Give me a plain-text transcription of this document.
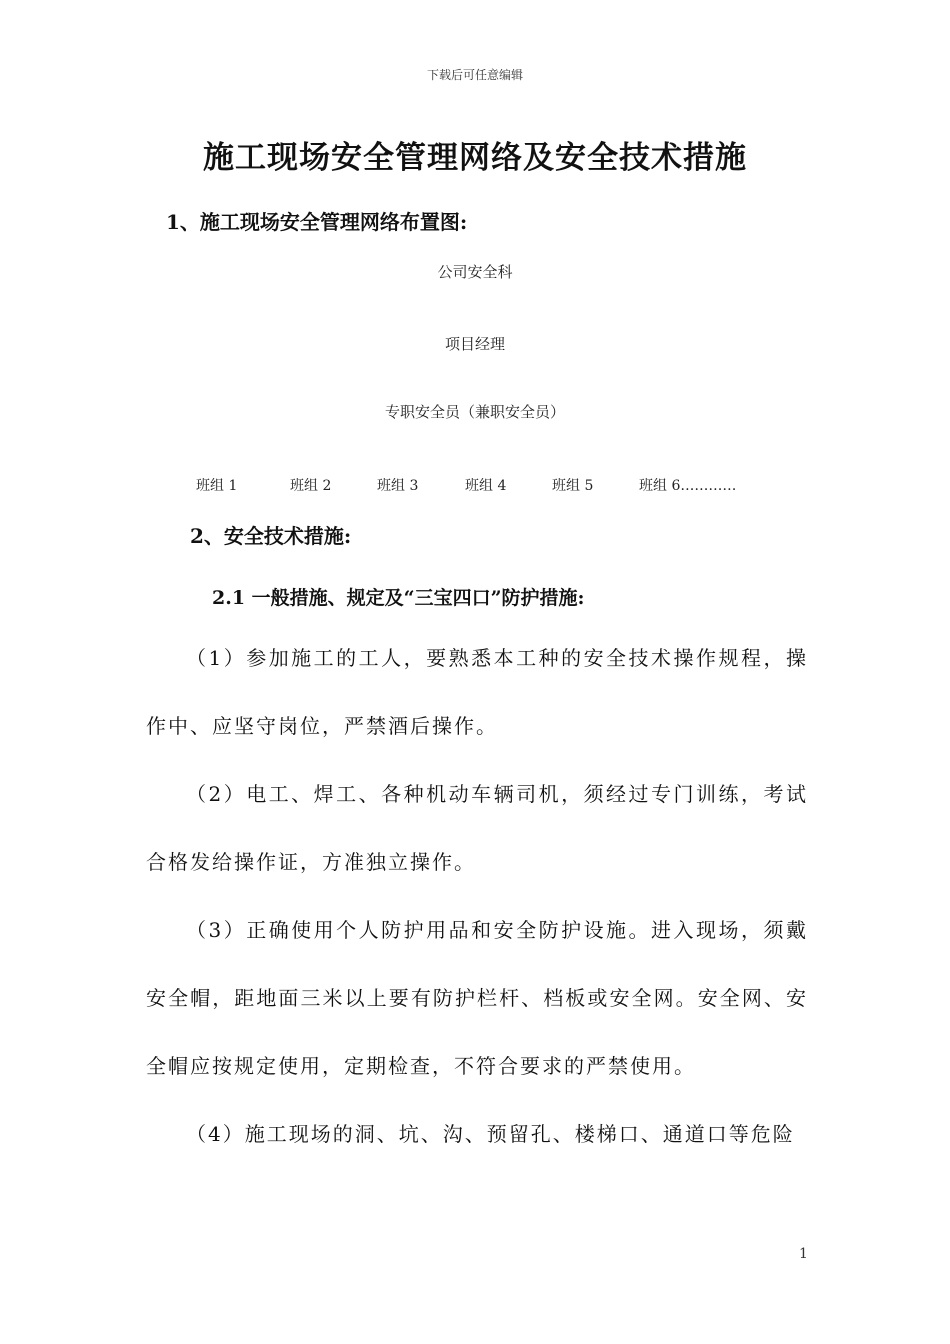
下载后可任意编辑
施工现场安全管理网络及安全技术措施
1、施工现场安全管理网络布置图:
公司安全科
项目经理
专职安全员（兼职安全员）
班组 1	班组 2	班组 3	班组 4	班组 5	班组 6…………
2、安全技术措施:
2.1 一般措施、规定及“三宝四口”防护措施:
（1）参加施工的工人，要熟悉本工种的安全技术操作规程，操作中、应坚守岗位，严禁酒后操作。
（2）电工、焊工、各种机动车辆司机，须经过专门训练，考试合格发给操作证，方准独立操作。
（3）正确使用个人防护用品和安全防护设施。进入现场，须戴安全帽，距地面三米以上要有防护栏杆、档板或安全网。安全网、安全帽应按规定使用，定期检查，不符合要求的严禁使用。
（4）施工现场的洞、坑、沟、预留孔、楼梯口、通道口等危险
1
